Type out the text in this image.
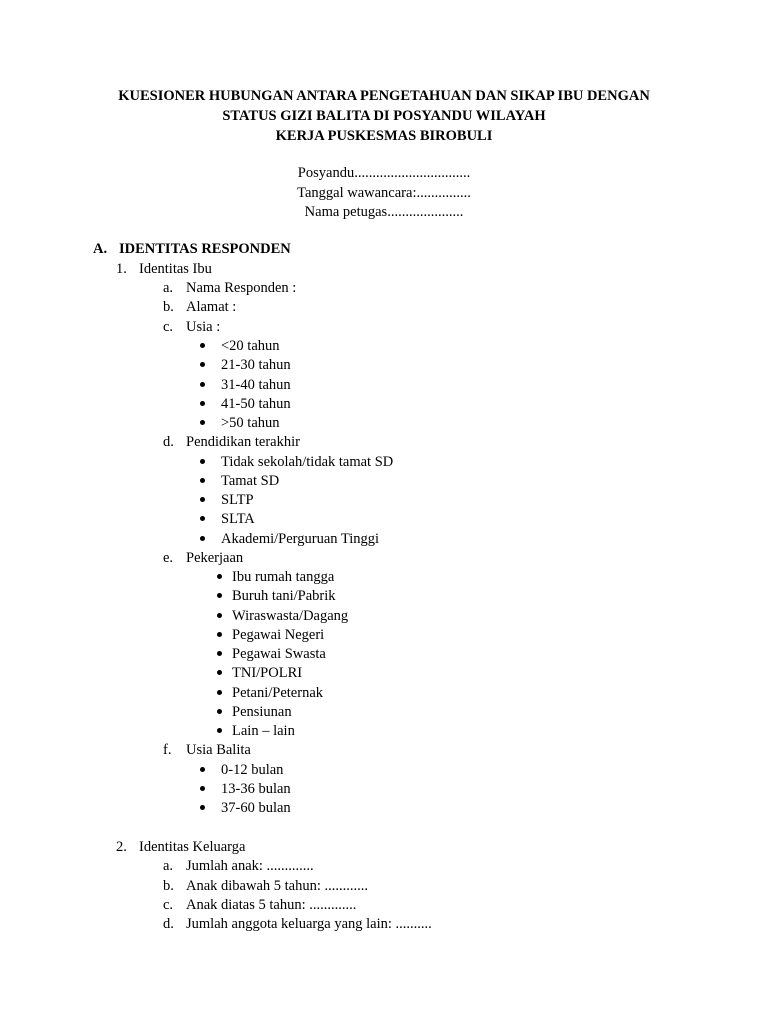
KUESIONER HUBUNGAN ANTARA PENGETAHUAN DAN SIKAP IBU DENGAN
STATUS GIZI BALITA DI POSYANDU WILAYAH
KERJA PUSKESMAS BIROBULI
Posyandu................................
Tanggal wawancara:...............
Nama petugas.....................
A. IDENTITAS RESPONDEN
1. Identitas Ibu
a. Nama Responden :
b. Alamat :
c. Usia :
<20 tahun
21-30 tahun
31-40 tahun
41-50 tahun
>50 tahun
d. Pendidikan terakhir
Tidak sekolah/tidak tamat SD
Tamat SD
SLTP
SLTA
Akademi/Perguruan Tinggi
e. Pekerjaan
Ibu rumah tangga
Buruh tani/Pabrik
Wiraswasta/Dagang
Pegawai Negeri
Pegawai Swasta
TNI/POLRI
Petani/Peternak
Pensiunan
Lain – lain
f. Usia Balita
0-12 bulan
13-36 bulan
37-60 bulan
2. Identitas Keluarga
a. Jumlah anak: .............
b. Anak dibawah 5 tahun: ............
c. Anak diatas 5 tahun: .............
d. Jumlah anggota keluarga yang lain: ..........
